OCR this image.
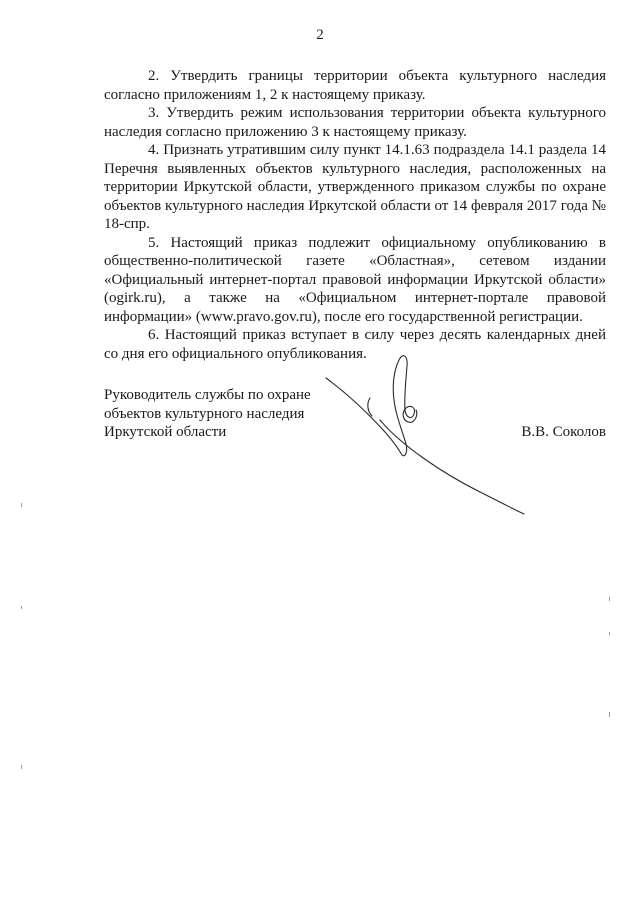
2

2. Утвердить границы территории объекта культурного наследия согласно приложениям 1, 2 к настоящему приказу.

3. Утвердить режим использования территории объекта культурного наследия согласно приложению 3 к настоящему приказу.

4. Признать утратившим силу пункт 14.1.63 подраздела 14.1 раздела 14 Перечня выявленных объектов культурного наследия, расположенных на территории Иркутской области, утвержденного приказом службы по охране объектов культурного наследия Иркутской области от 14 февраля 2017 года № 18-спр.

5. Настоящий приказ подлежит официальному опубликованию в общественно-политической газете «Областная», сетевом издании «Официальный интернет-портал правовой информации Иркутской области» (ogirk.ru), а также на «Официальном интернет-портале правовой информации» (www.pravo.gov.ru), после его государственной регистрации.

6. Настоящий приказ вступает в силу через десять календарных дней со дня его официального опубликования.

Руководитель службы по охране
объектов культурного наследия
Иркутской области	В.В. Соколов
